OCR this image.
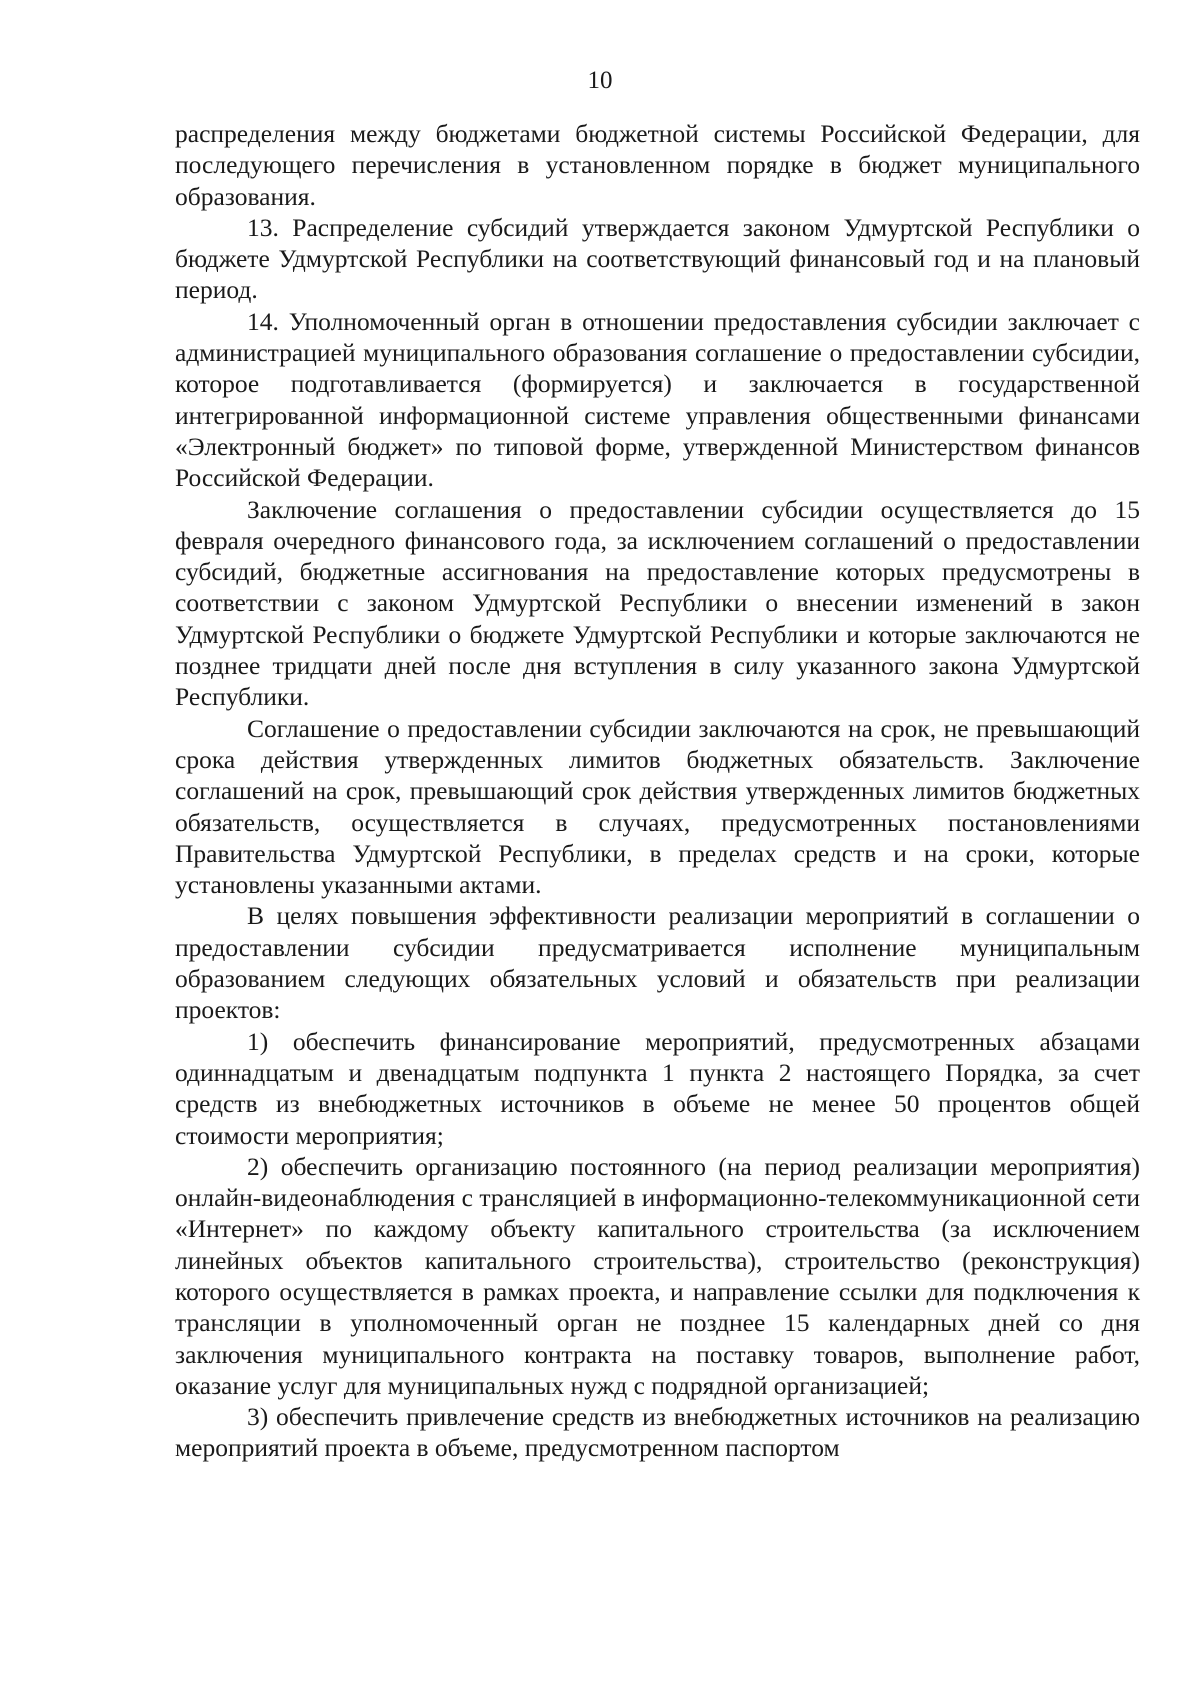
10

распределения между бюджетами бюджетной системы Российской Федерации, для последующего перечисления в установленном порядке в бюджет муниципального образования.

13. Распределение субсидий утверждается законом Удмуртской Республики о бюджете Удмуртской Республики на соответствующий финансовый год и на плановый период.

14. Уполномоченный орган в отношении предоставления субсидии заключает с администрацией муниципального образования соглашение о предоставлении субсидии, которое подготавливается (формируется) и заключается в государственной интегрированной информационной системе управления общественными финансами «Электронный бюджет» по типовой форме, утвержденной Министерством финансов Российской Федерации.

Заключение соглашения о предоставлении субсидии осуществляется до 15 февраля очередного финансового года, за исключением соглашений о предоставлении субсидий, бюджетные ассигнования на предоставление которых предусмотрены в соответствии с законом Удмуртской Республики о внесении изменений в закон Удмуртской Республики о бюджете Удмуртской Республики и которые заключаются не позднее тридцати дней после дня вступления в силу указанного закона Удмуртской Республики.

Соглашение о предоставлении субсидии заключаются на срок, не превышающий срока действия утвержденных лимитов бюджетных обязательств. Заключение соглашений на срок, превышающий срок действия утвержденных лимитов бюджетных обязательств, осуществляется в случаях, предусмотренных постановлениями Правительства Удмуртской Республики, в пределах средств и на сроки, которые установлены указанными актами.

В целях повышения эффективности реализации мероприятий в соглашении о предоставлении субсидии предусматривается исполнение муниципальным образованием следующих обязательных условий и обязательств при реализации проектов:

1) обеспечить финансирование мероприятий, предусмотренных абзацами одиннадцатым и двенадцатым подпункта 1 пункта 2 настоящего Порядка, за счет средств из внебюджетных источников в объеме не менее 50 процентов общей стоимости мероприятия;

2) обеспечить организацию постоянного (на период реализации мероприятия) онлайн-видеонаблюдения с трансляцией в информационно-телекоммуникационной сети «Интернет» по каждому объекту капитального строительства (за исключением линейных объектов капитального строительства), строительство (реконструкция) которого осуществляется в рамках проекта, и направление ссылки для подключения к трансляции в уполномоченный орган не позднее 15 календарных дней со дня заключения муниципального контракта на поставку товаров, выполнение работ, оказание услуг для муниципальных нужд с подрядной организацией;

3) обеспечить привлечение средств из внебюджетных источников на реализацию мероприятий проекта в объеме, предусмотренном паспортом
